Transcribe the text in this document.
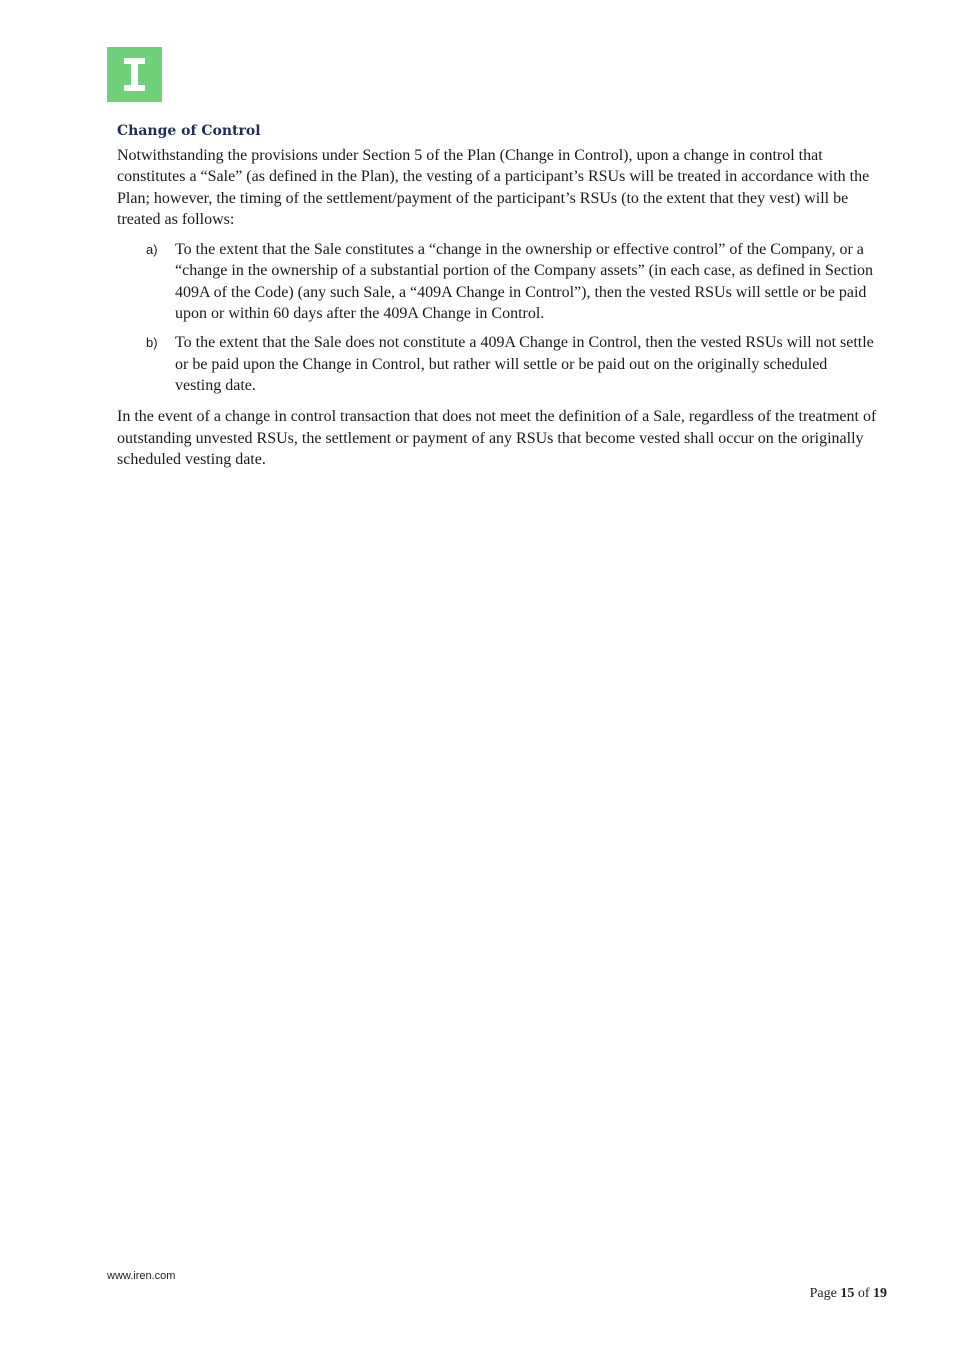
Change of Control

Notwithstanding the provisions under Section 5 of the Plan (Change in Control), upon a change in control that constitutes a “Sale” (as defined in the Plan), the vesting of a participant’s RSUs will be treated in accordance with the Plan; however, the timing of the settlement/payment of the participant’s RSUs (to the extent that they vest) will be treated as follows:

a) To the extent that the Sale constitutes a “change in the ownership or effective control” of the Company, or a “change in the ownership of a substantial portion of the Company assets” (in each case, as defined in Section 409A of the Code) (any such Sale, a “409A Change in Control”), then the vested RSUs will settle or be paid upon or within 60 days after the 409A Change in Control.
b) To the extent that the Sale does not constitute a 409A Change in Control, then the vested RSUs will not settle or be paid upon the Change in Control, but rather will settle or be paid out on the originally scheduled vesting date.

In the event of a change in control transaction that does not meet the definition of a Sale, regardless of the treatment of outstanding unvested RSUs, the settlement or payment of any RSUs that become vested shall occur on the originally scheduled vesting date.

www.iren.com
Page 15 of 19
